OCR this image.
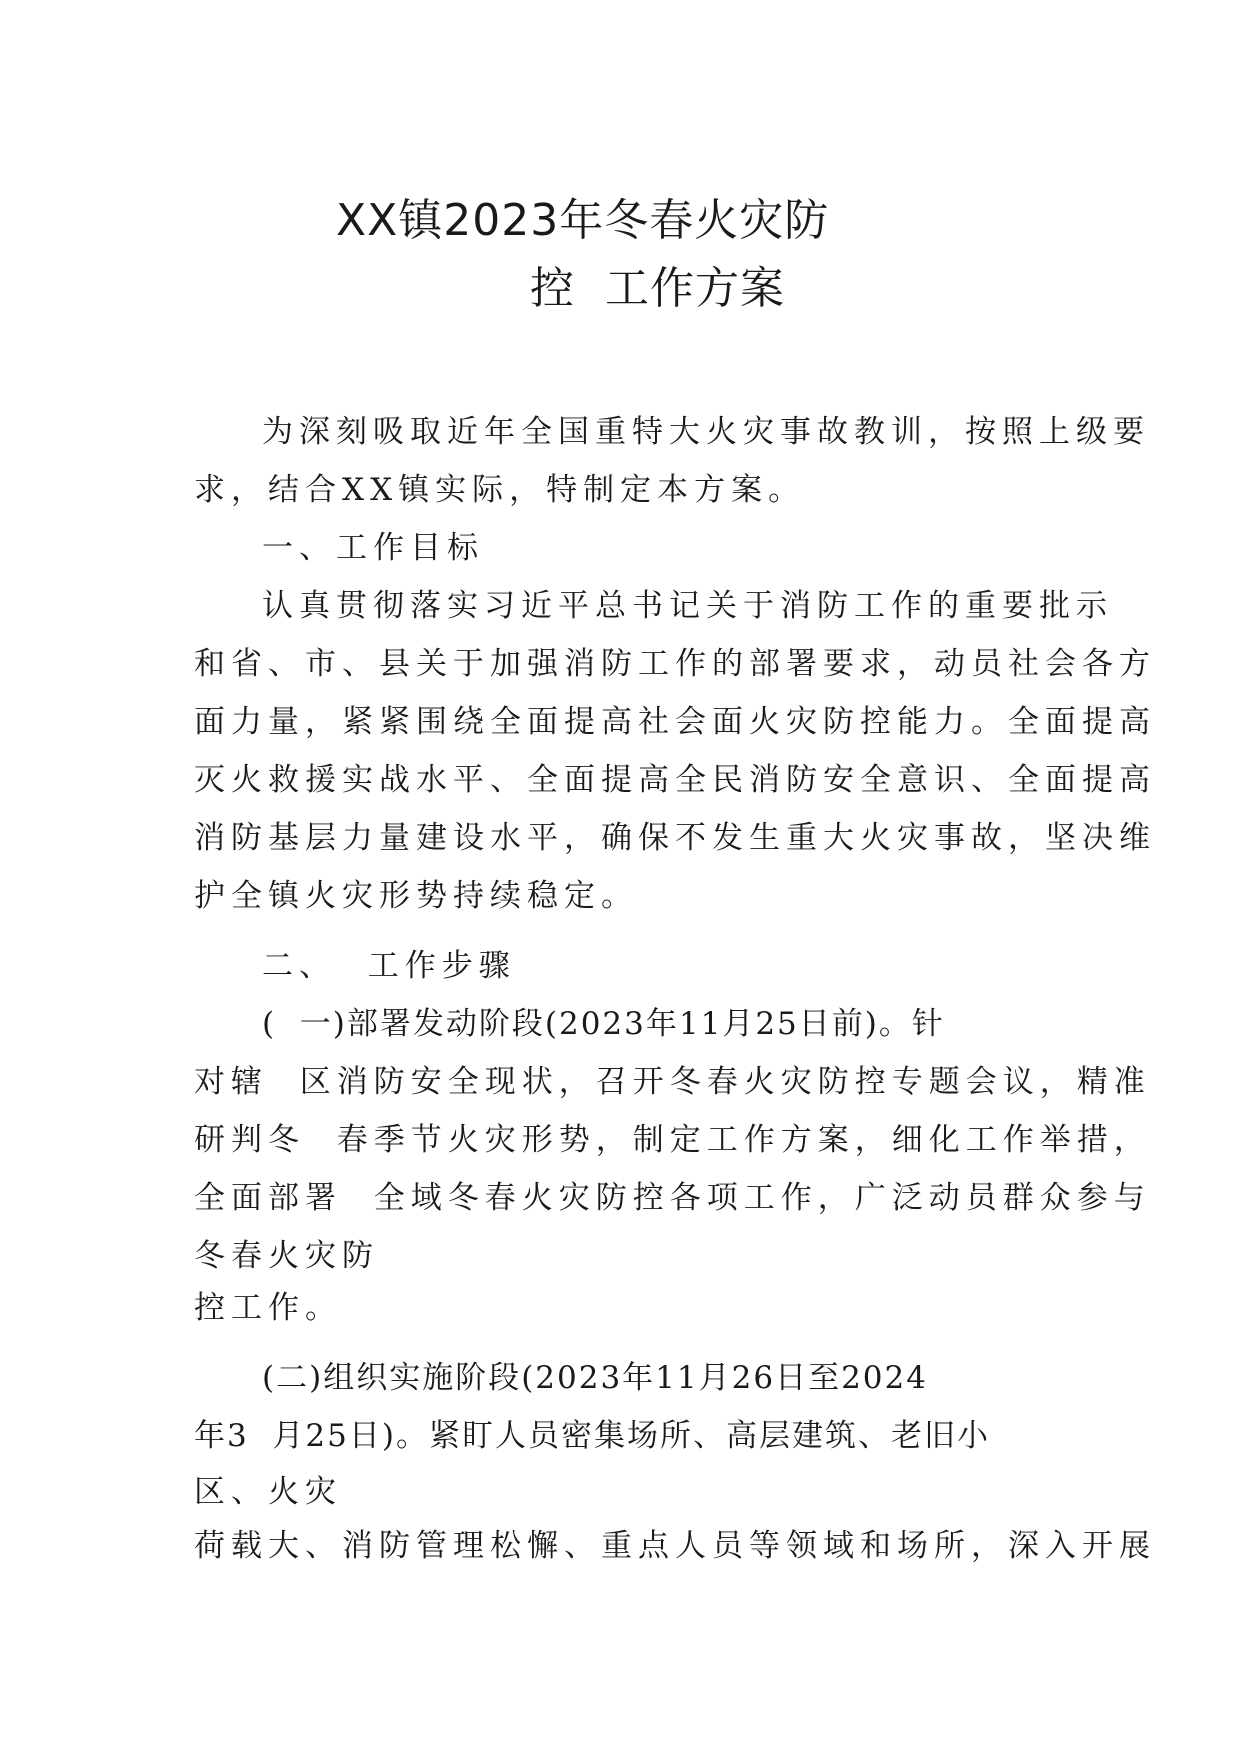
XX镇2023年冬春火灾防
控  工作方案
为深刻吸取近年全国重特大火灾事故教训，按照上级要
求，结合XX镇实际，特制定本方案。
一、工作目标
认真贯彻落实习近平总书记关于消防工作的重要批示
和省、市、县关于加强消防工作的部署要求，动员社会各方
面力量，紧紧围绕全面提高社会面火灾防控能力。全面提高
灭火救援实战水平、全面提高全民消防安全意识、全面提高
消防基层力量建设水平，确保不发生重大火灾事故，坚决维
护全镇火灾形势持续稳定。
二、  工作步骤
(  一)部署发动阶段(2023年11月25日前)。针
对辖  区消防安全现状，召开冬春火灾防控专题会议，精准
研判冬  春季节火灾形势，制定工作方案，细化工作举措，
全面部署  全域冬春火灾防控各项工作，广泛动员群众参与
冬春火灾防
控工作。
(二)组织实施阶段(2023年11月26日至2024
年3  月25日)。紧盯人员密集场所、高层建筑、老旧小
区、火灾
荷载大、消防管理松懈、重点人员等领域和场所，深入开展
